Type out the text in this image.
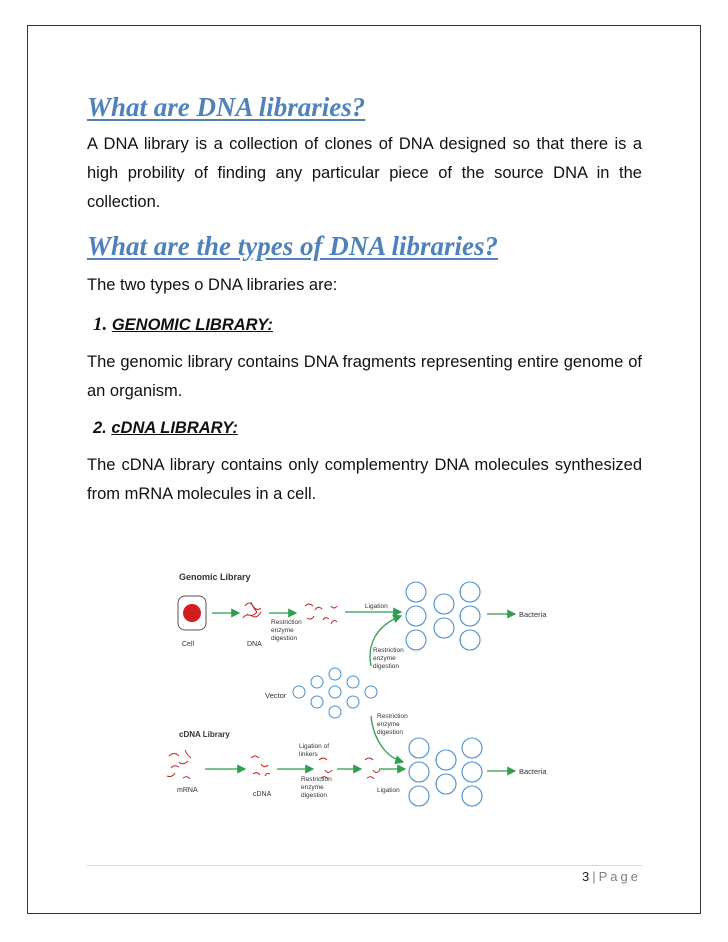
What are DNA libraries?

A DNA library is a collection of clones of DNA designed so that there is a high probility of finding any particular piece of the source DNA in the collection.

What are the types of DNA libraries?

The two types o DNA libraries are:

1. GENOMIC LIBRARY:

The genomic library contains DNA fragments representing entire genome of an organism.

2. cDNA LIBRARY:

The cDNA library contains only complementry DNA molecules synthesized from mRNA molecules in a cell.

Genomic Library
Cell	DNA
Restriction
enzyme
digestion
Ligation
Bacteria
Restriction
enzyme
digestion
Vector
Restriction
enzyme
digestion
cDNA Library
mRNA
cDNA
Ligation of
linkers
Restriction
enzyme
digestion
Ligation
Bacteria
3 | Page
